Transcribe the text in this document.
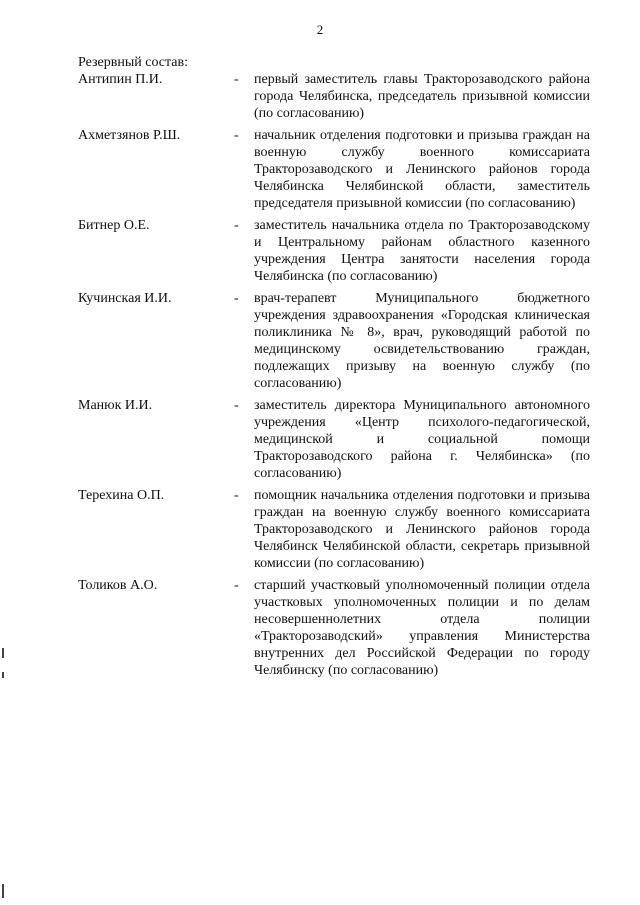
2
Резервный состав:
Антипин П.И.	-	первый заместитель главы Тракторозаводского района города Челябинска, председатель призывной комиссии (по согласованию)
Ахметзянов Р.Ш.	-	начальник отделения подготовки и призыва граждан на военную службу военного комиссариата Тракторозаводского и Ленинского районов города Челябинска Челябинской области, заместитель председателя призывной комиссии (по согласованию)
Битнер О.Е.	-	заместитель начальника отдела по Тракторозаводскому и Центральному районам областного казенного учреждения Центра занятости населения города Челябинска (по согласованию)
Кучинская И.И.	-	врач-терапевт Муниципального бюджетного учреждения здравоохранения «Городская клиническая поликлиника № 8», врач, руководящий работой по медицинскому освидетельствованию граждан, подлежащих призыву на военную службу (по согласованию)
Манюк И.И.	-	заместитель директора Муниципального автономного учреждения «Центр психолого-педагогической, медицинской и социальной помощи Тракторозаводского района г. Челябинска» (по согласованию)
Терехина О.П.	-	помощник начальника отделения подготовки и призыва граждан на военную службу военного комиссариата Тракторозаводского и Ленинского районов города Челябинск Челябинской области, секретарь призывной комиссии (по согласованию)
Толиков А.О.	-	старший участковый уполномоченный полиции отдела участковых уполномоченных полиции и по делам несовершеннолетних отдела полиции «Тракторозаводский» управления Министерства внутренних дел Российской Федерации по городу Челябинску (по согласованию)
